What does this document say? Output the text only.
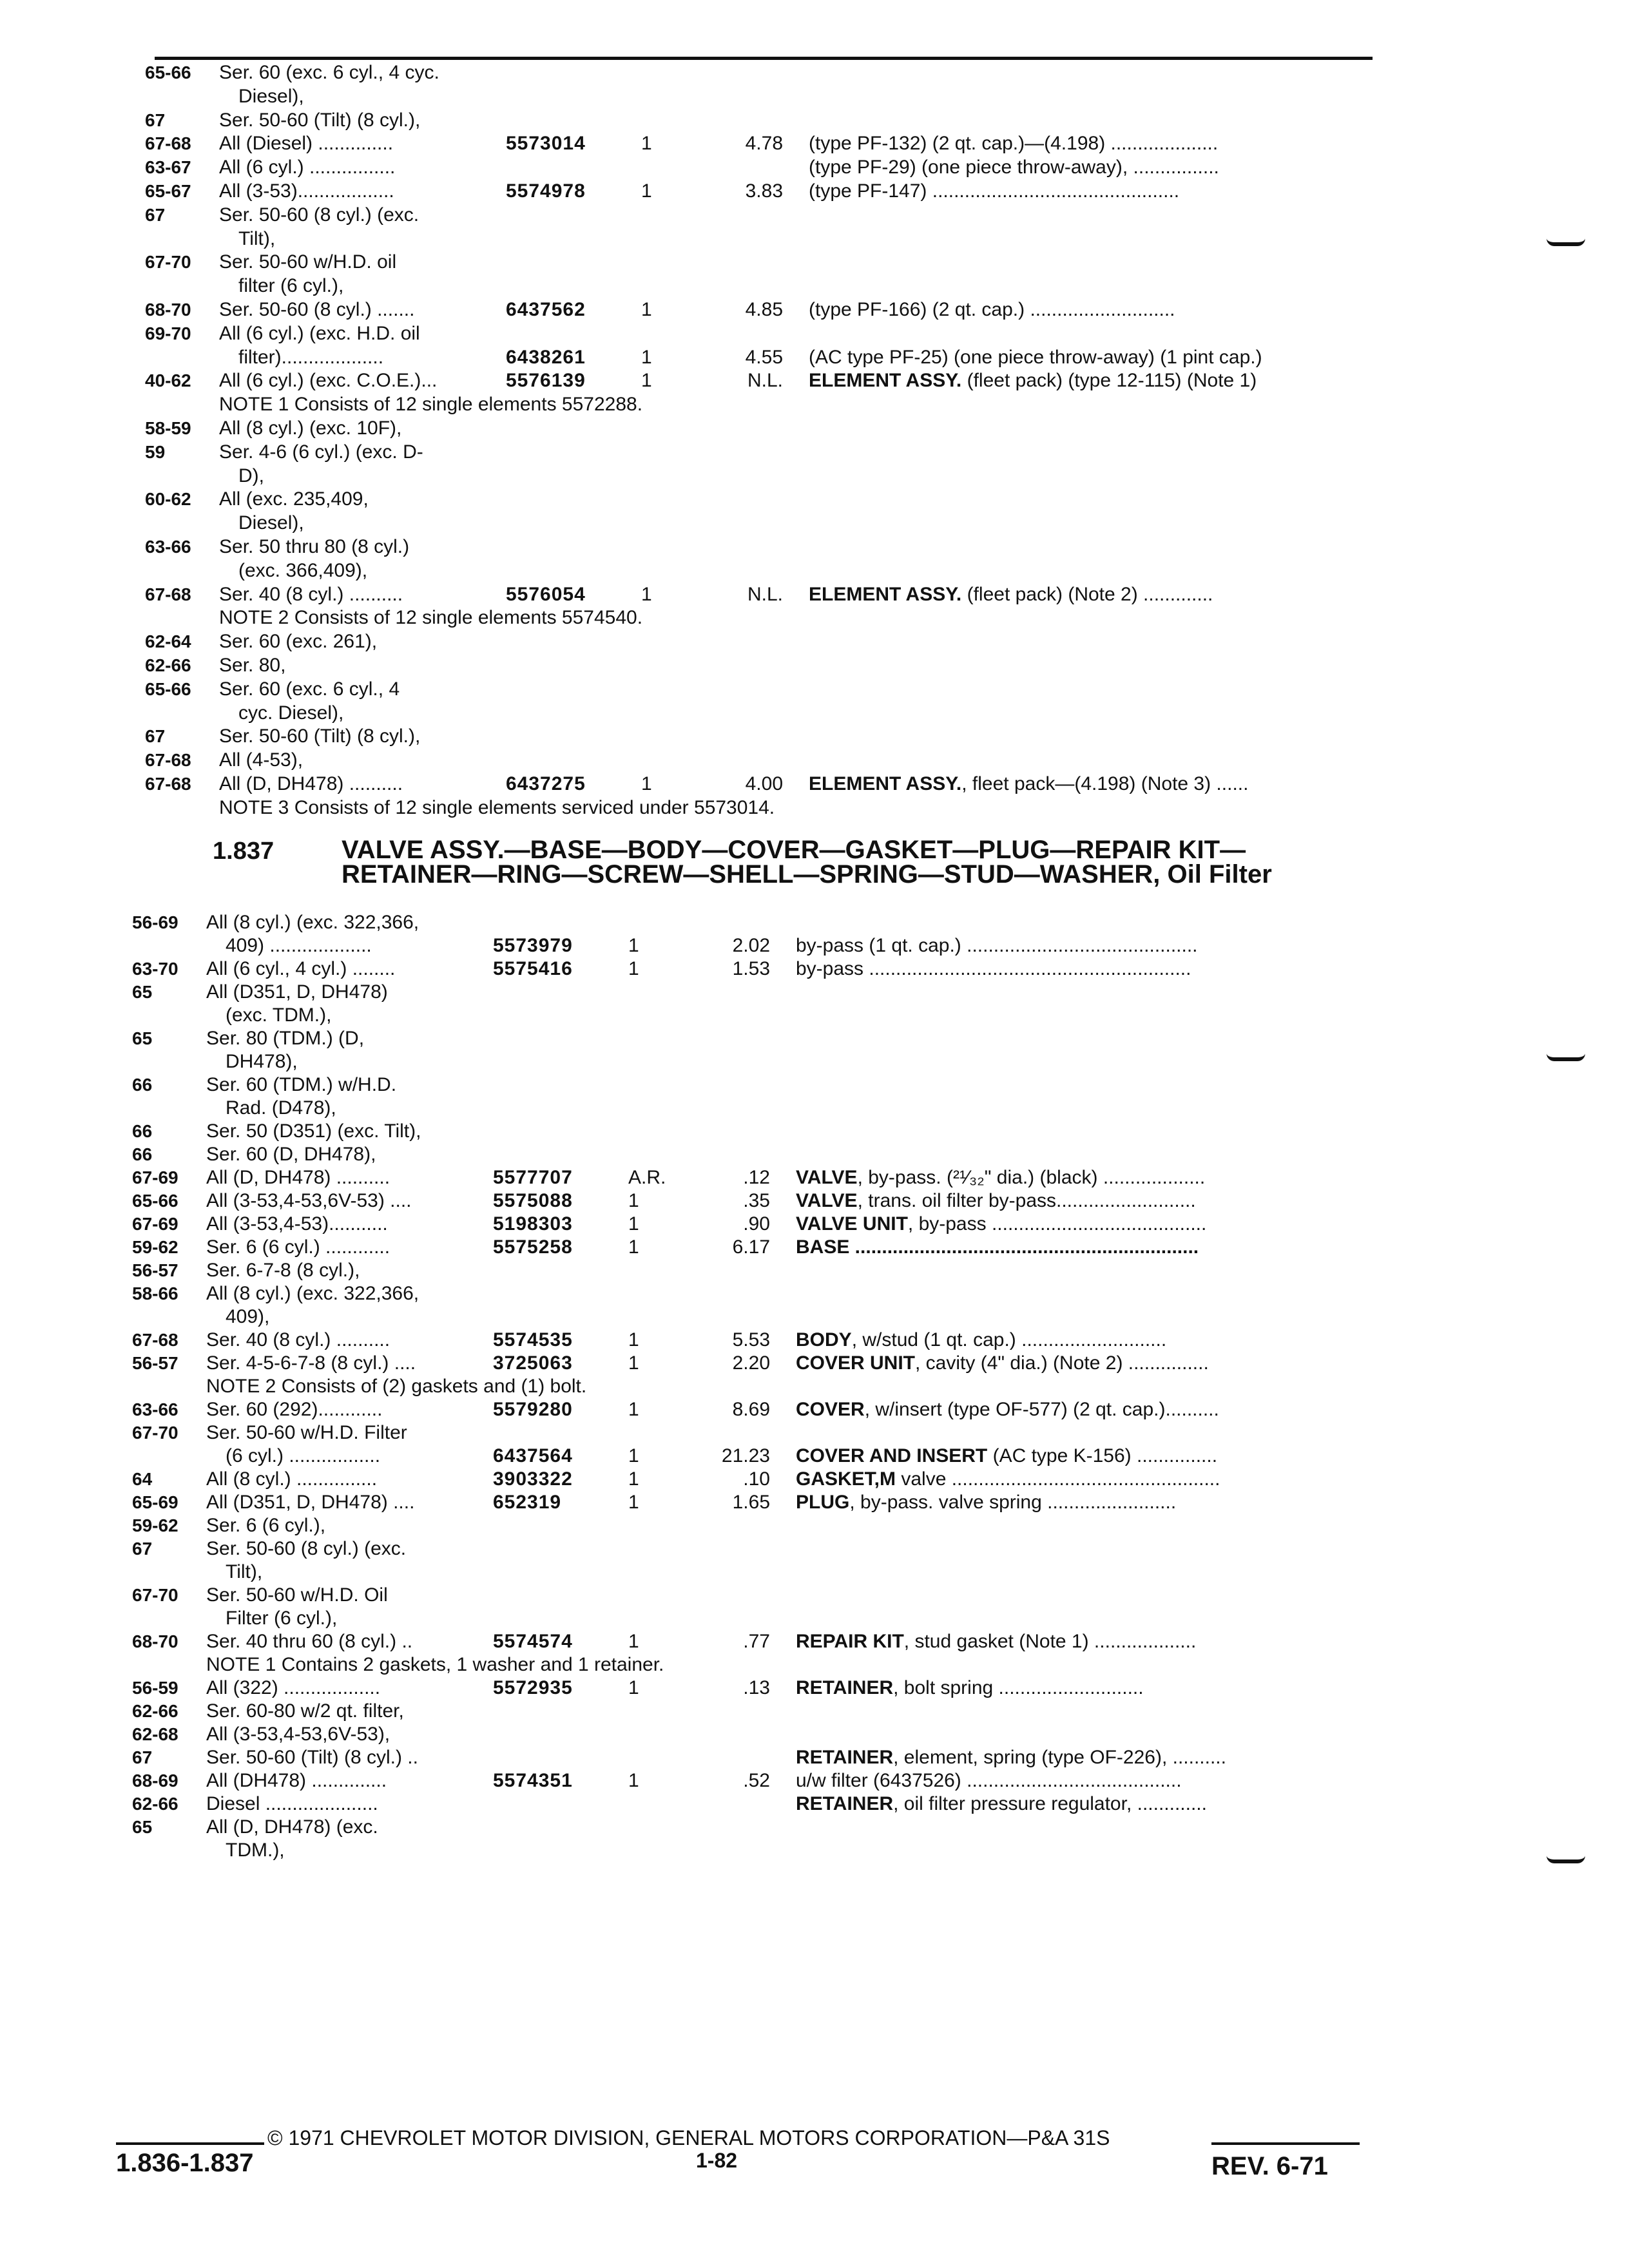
65-66 Ser. 60 (exc. 6 cyl., 4 cyc.
Diesel),
67	Ser. 50-60 (Tilt) (8 cyl.),
67-68 All (Diesel) ..............	5573014	1	4.78 (type PF-132) (2 qt. cap.)—(4.198) ....................
63-67 All (6 cyl.) ................	(type PF-29) (one piece throw-away), ................
65-67 All (3-53)..................	5574978	1	3.83 (type PF-147) ..............................................
67	Ser. 50-60 (8 cyl.) (exc.
Tilt),
67-70 Ser. 50-60 w/H.D. oil
filter (6 cyl.),
68-70 Ser. 50-60 (8 cyl.) .......	6437562	1	4.85 (type PF-166) (2 qt. cap.) ...........................
69-70 All (6 cyl.) (exc. H.D. oil
filter)...................	6438261	1	4.55 (AC type PF-25) (one piece throw-away) (1 pint cap.)
40-62 All (6 cyl.) (exc. C.O.E.)...	5576139	1	N.L. ELEMENT ASSY. (fleet pack) (type 12-115) (Note 1)
NOTE 1 Consists of 12 single elements 5572288.
58-59 All (8 cyl.) (exc. 10F),
59	Ser. 4-6 (6 cyl.) (exc. D-
D),
60-62 All (exc. 235,409,
Diesel),
63-66 Ser. 50 thru 80 (8 cyl.)
(exc. 366,409),
67-68 Ser. 40 (8 cyl.) ..........	5576054	1	N.L. ELEMENT ASSY. (fleet pack) (Note 2) .............
NOTE 2 Consists of 12 single elements 5574540.
62-64 Ser. 60 (exc. 261),
62-66 Ser. 80,
65-66 Ser. 60 (exc. 6 cyl., 4
cyc. Diesel),
67	Ser. 50-60 (Tilt) (8 cyl.),
67-68 All (4-53),
67-68 All (D, DH478) ..........	6437275	1	4.00 ELEMENT ASSY., fleet pack—(4.198) (Note 3) ......
NOTE 3 Consists of 12 single elements serviced under 5573014.
1.837	VALVE ASSY.—BASE—BODY—COVER—GASKET—PLUG—REPAIR KIT—RETAINER—RING—SCREW—SHELL—SPRING—STUD—WASHER, Oil Filter
56-69 All (8 cyl.) (exc. 322,366,
409) ...................	5573979	1	2.02 by-pass (1 qt. cap.) ...........................................
63-70 All (6 cyl., 4 cyl.) ........	5575416	1	1.53 by-pass ............................................................
65	All (D351, D, DH478)
(exc. TDM.),
65	Ser. 80 (TDM.) (D,
DH478),
66	Ser. 60 (TDM.) w/H.D.
Rad. (D478),
66	Ser. 50 (D351) (exc. Tilt),
66	Ser. 60 (D, DH478),
67-69 All (D, DH478) ..........	5577707	A.R.	.12 VALVE, by-pass. (²¹⁄₃₂" dia.) (black) ...................
65-66 All (3-53,4-53,6V-53) ....	5575088	1	.35 VALVE, trans. oil filter by-pass..........................
67-69 All (3-53,4-53)...........	5198303	1	.90 VALVE UNIT, by-pass ........................................
59-62 Ser. 6 (6 cyl.) ............	5575258	1	6.17 BASE ................................................................
56-57 Ser. 6-7-8 (8 cyl.),
58-66 All (8 cyl.) (exc. 322,366,
409),
67-68 Ser. 40 (8 cyl.) ..........	5574535	1	5.53 BODY, w/stud (1 qt. cap.) ...........................
56-57 Ser. 4-5-6-7-8 (8 cyl.) ....	3725063	1	2.20 COVER UNIT, cavity (4" dia.) (Note 2) ...............
NOTE 2 Consists of (2) gaskets and (1) bolt.
63-66 Ser. 60 (292)............	5579280	1	8.69 COVER, w/insert (type OF-577) (2 qt. cap.)..........
67-70 Ser. 50-60 w/H.D. Filter
(6 cyl.) .................	6437564	1	21.23 COVER AND INSERT (AC type K-156) ...............
64	All (8 cyl.) ...............	3903322	1	.10 GASKET,M valve ..................................................
65-69 All (D351, D, DH478) ....	652319	1	1.65 PLUG, by-pass. valve spring ........................
59-62 Ser. 6 (6 cyl.),
67	Ser. 50-60 (8 cyl.) (exc.
Tilt),
67-70 Ser. 50-60 w/H.D. Oil
Filter (6 cyl.),
68-70 Ser. 40 thru 60 (8 cyl.) ..	5574574	1	.77 REPAIR KIT, stud gasket (Note 1) ...................
NOTE 1 Contains 2 gaskets, 1 washer and 1 retainer.
56-59 All (322) ..................	5572935	1	.13 RETAINER, bolt spring ...........................
62-66 Ser. 60-80 w/2 qt. filter,
62-68 All (3-53,4-53,6V-53),
67	Ser. 50-60 (Tilt) (8 cyl.) ..	RETAINER, element, spring (type OF-226), ..........
68-69 All (DH478) ..............	5574351	1	.52 u/w filter (6437526) ........................................
62-66 Diesel .....................	RETAINER, oil filter pressure regulator, .............
65	All (D, DH478) (exc.
TDM.),
© 1971 CHEVROLET MOTOR DIVISION, GENERAL MOTORS CORPORATION—P&A 31S
1.836-1.837	1-82	REV. 6-71
